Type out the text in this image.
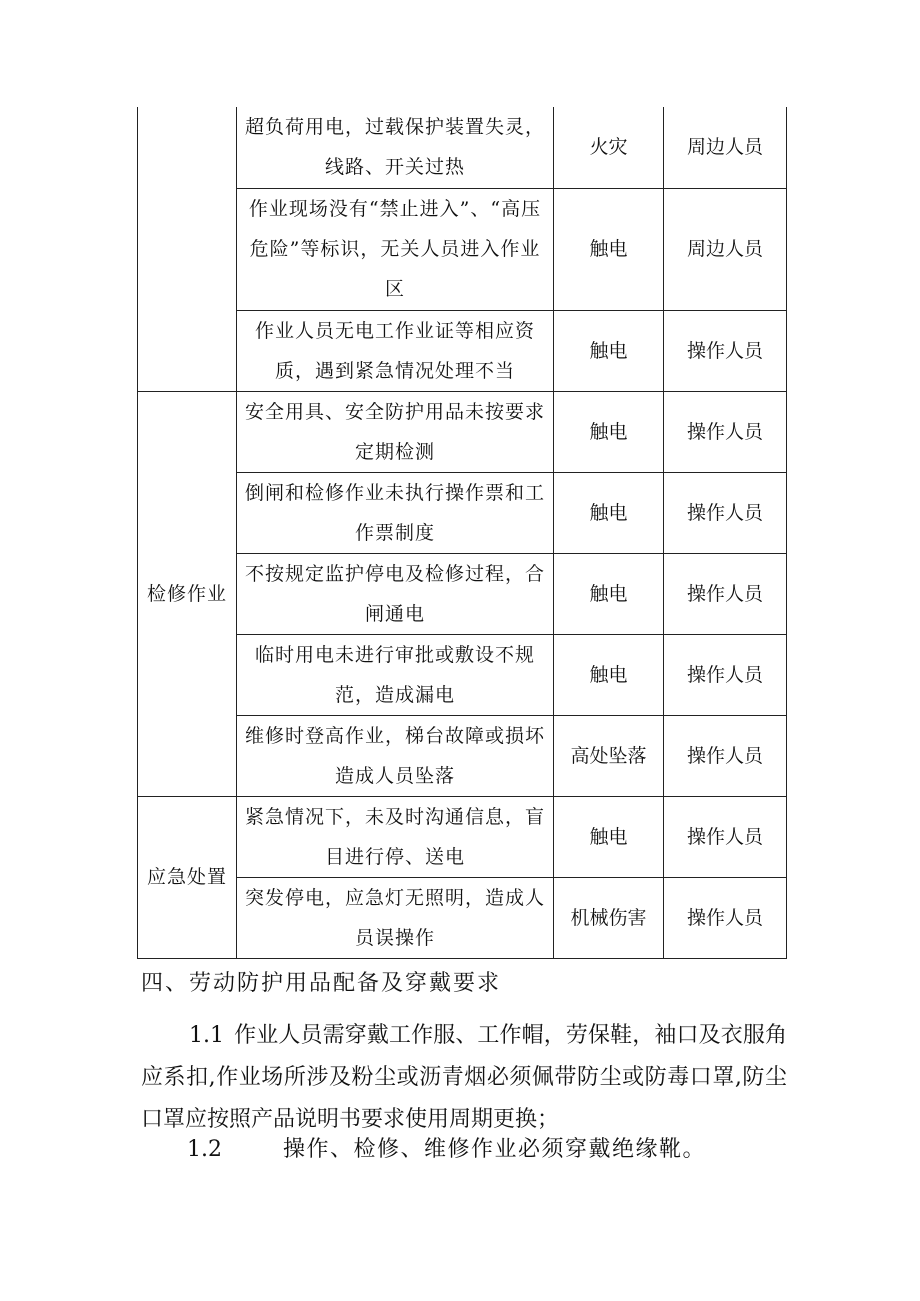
	超负荷用电，过载保护装置失灵，线路、开关过热	火灾	周边人员
	作业现场没有“禁止进入”、“高压危险”等标识，无关人员进入作业区	触电	周边人员
	作业人员无电工作业证等相应资质，遇到紧急情况处理不当	触电	操作人员
检修作业	安全用具、安全防护用品未按要求定期检测	触电	操作人员
	倒闸和检修作业未执行操作票和工作票制度	触电	操作人员
	不按规定监护停电及检修过程，合闸通电	触电	操作人员
	临时用电未进行审批或敷设不规范，造成漏电	触电	操作人员
	维修时登高作业，梯台故障或损坏造成人员坠落	高处坠落	操作人员
应急处置	紧急情况下，未及时沟通信息，盲目进行停、送电	触电	操作人员
	突发停电，应急灯无照明，造成人员误操作	机械伤害	操作人员
四、劳动防护用品配备及穿戴要求
1.1 作业人员需穿戴工作服、工作帽，劳保鞋，袖口及衣服角应系扣,作业场所涉及粉尘或沥青烟必须佩带防尘或防毒口罩,防尘口罩应按照产品说明书要求使用周期更换；
1.2	操作、检修、维修作业必须穿戴绝缘靴。
